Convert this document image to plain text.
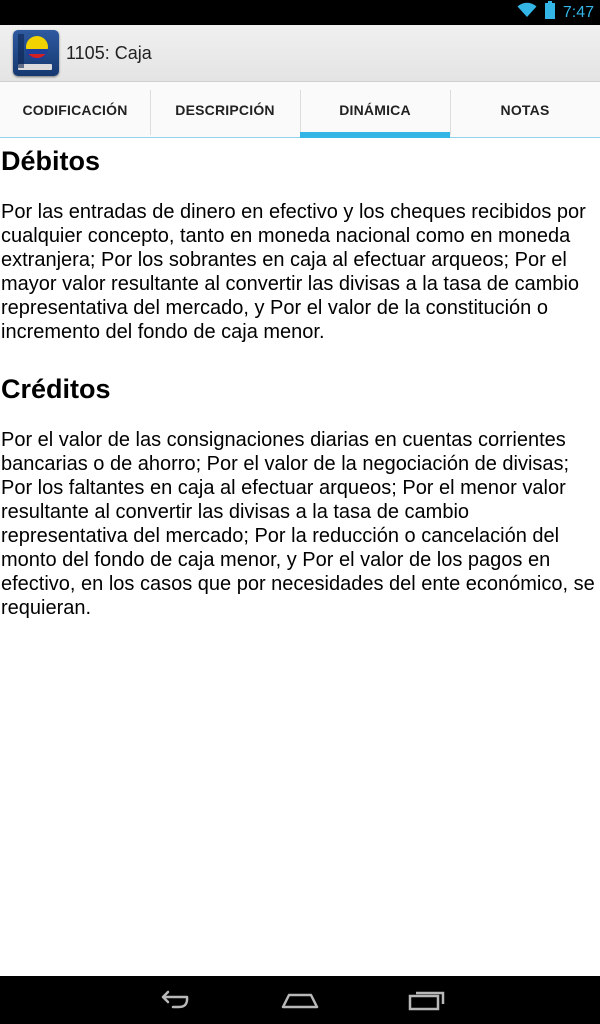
7:47
1105: Caja
CODIFICACIÓN	DESCRIPCIÓN	DINÁMICA	NOTAS
Débitos

Por las entradas de dinero en efectivo y los cheques recibidos por cualquier concepto, tanto en moneda nacional como en moneda extranjera; Por los sobrantes en caja al efectuar arqueos; Por el mayor valor resultante al convertir las divisas a la tasa de cambio representativa del mercado, y Por el valor de la constitución o incremento del fondo de caja menor.

Créditos

Por el valor de las consignaciones diarias en cuentas corrientes bancarias o de ahorro; Por el valor de la negociación de divisas; Por los faltantes en caja al efectuar arqueos; Por el menor valor resultante al convertir las divisas a la tasa de cambio representativa del mercado; Por la reducción o cancelación del monto del fondo de caja menor, y Por el valor de los pagos en efectivo, en los casos que por necesidades del ente económico, se requieran.
